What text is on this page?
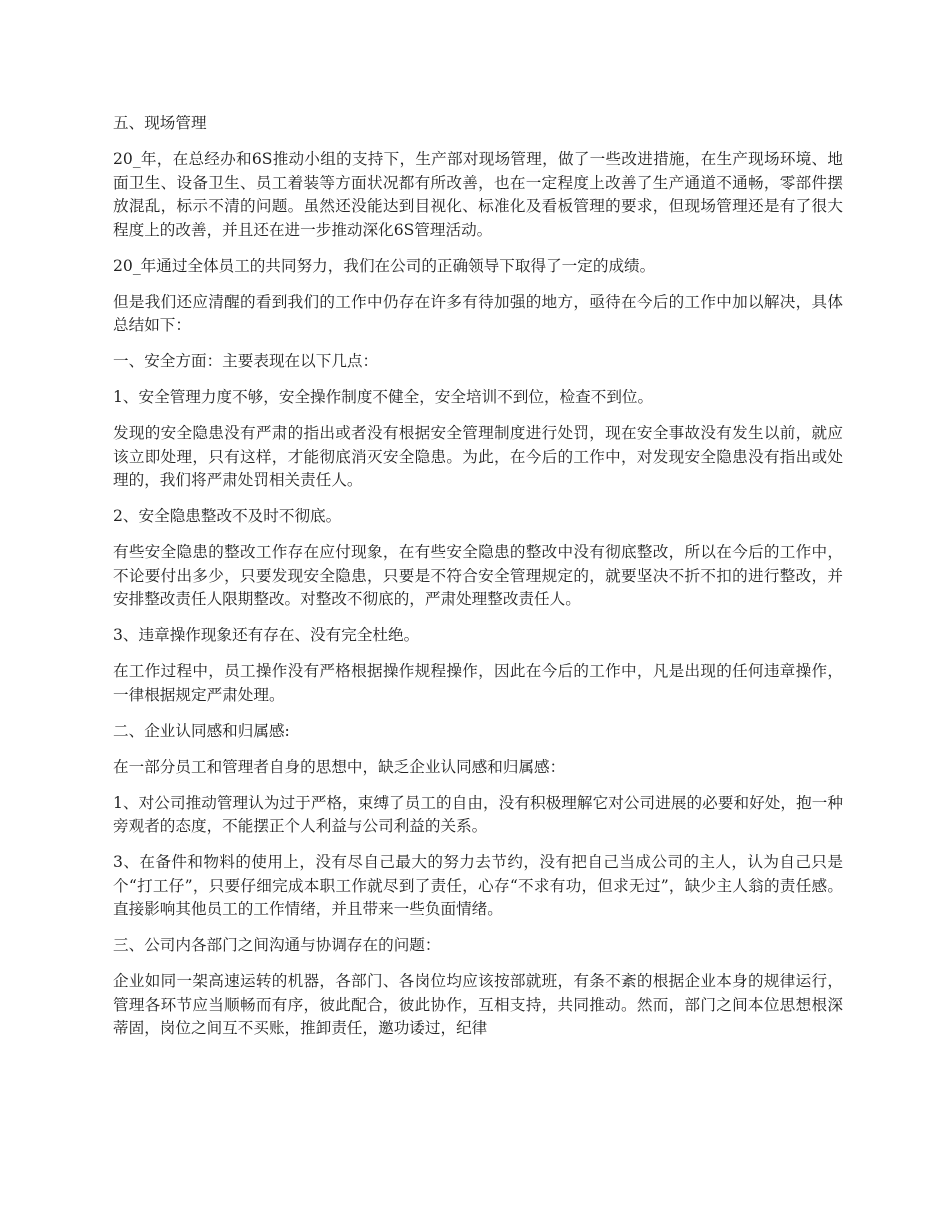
五、现场管理

20_年，在总经办和6S推动小组的支持下，生产部对现场管理，做了一些改进措施，在生产现场环境、地面卫生、设备卫生、员工着装等方面状况都有所改善，也在一定程度上改善了生产通道不通畅，零部件摆放混乱，标示不清的问题。虽然还没能达到目视化、标准化及看板管理的要求，但现场管理还是有了很大程度上的改善，并且还在进一步推动深化6S管理活动。

20_年通过全体员工的共同努力，我们在公司的正确领导下取得了一定的成绩。

但是我们还应清醒的看到我们的工作中仍存在许多有待加强的地方，亟待在今后的工作中加以解决，具体总结如下：

一、安全方面：主要表现在以下几点：

1、安全管理力度不够，安全操作制度不健全，安全培训不到位，检查不到位。

发现的安全隐患没有严肃的指出或者没有根据安全管理制度进行处罚，现在安全事故没有发生以前，就应该立即处理，只有这样，才能彻底消灭安全隐患。为此，在今后的工作中，对发现安全隐患没有指出或处理的，我们将严肃处罚相关责任人。

2、安全隐患整改不及时不彻底。

有些安全隐患的整改工作存在应付现象，在有些安全隐患的整改中没有彻底整改，所以在今后的工作中，不论要付出多少，只要发现安全隐患，只要是不符合安全管理规定的，就要坚决不折不扣的进行整改，并安排整改责任人限期整改。对整改不彻底的，严肃处理整改责任人。

3、违章操作现象还有存在、没有完全杜绝。

在工作过程中，员工操作没有严格根据操作规程操作，因此在今后的工作中，凡是出现的任何违章操作，一律根据规定严肃处理。

二、企业认同感和归属感:

在一部分员工和管理者自身的思想中，缺乏企业认同感和归属感：

1、对公司推动管理认为过于严格，束缚了员工的自由，没有积极理解它对公司进展的必要和好处，抱一种旁观者的态度，不能摆正个人利益与公司利益的关系。

3、在备件和物料的使用上，没有尽自己最大的努力去节约，没有把自己当成公司的主人，认为自己只是个“打工仔”，只要仔细完成本职工作就尽到了责任，心存“不求有功，但求无过”，缺少主人翁的责任感。直接影响其他员工的工作情绪，并且带来一些负面情绪。

三、公司内各部门之间沟通与协调存在的问题：

企业如同一架高速运转的机器，各部门、各岗位均应该按部就班，有条不紊的根据企业本身的规律运行，管理各环节应当顺畅而有序，彼此配合，彼此协作，互相支持，共同推动。然而，部门之间本位思想根深蒂固，岗位之间互不买账，推卸责任，邀功诿过，纪律
